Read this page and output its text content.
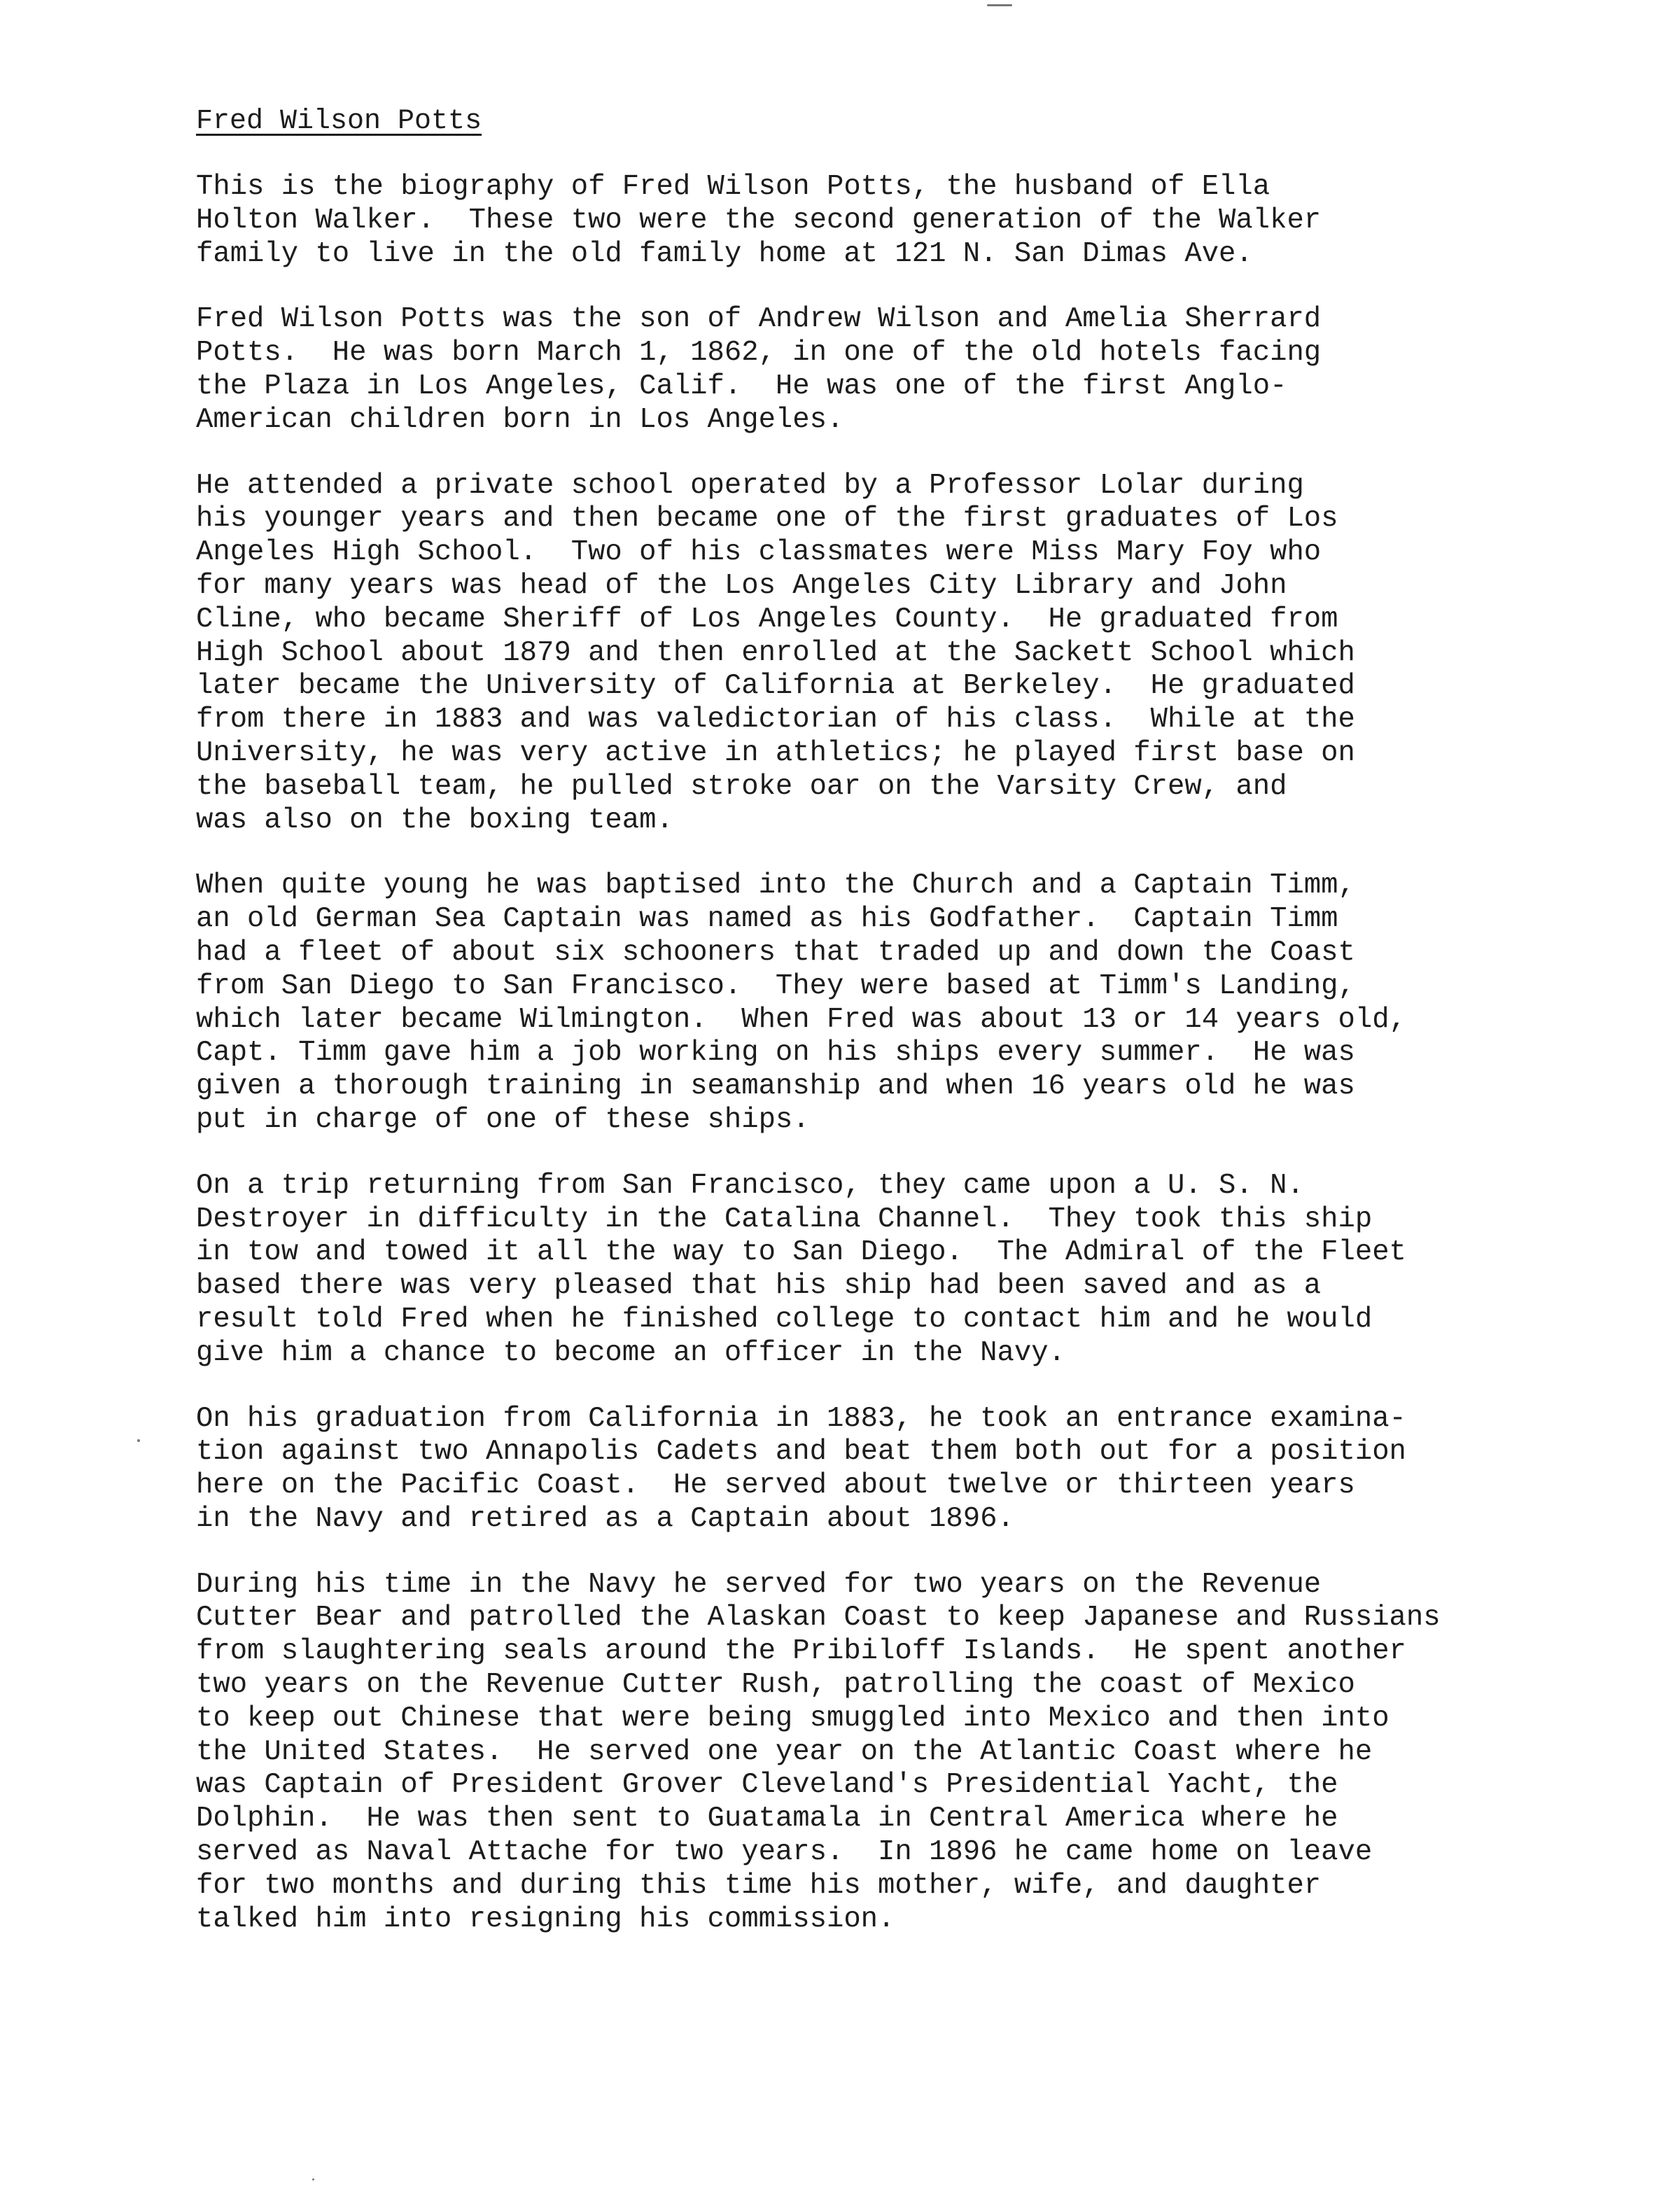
Fred Wilson Potts
This is the biography of Fred Wilson Potts, the husband of Ella
Holton Walker.  These two were the second generation of the Walker
family to live in the old family home at 121 N. San Dimas Ave.
Fred Wilson Potts was the son of Andrew Wilson and Amelia Sherrard
Potts.  He was born March 1, 1862, in one of the old hotels facing
the Plaza in Los Angeles, Calif.  He was one of the first Anglo-
American children born in Los Angeles.
He attended a private school operated by a Professor Lolar during
his younger years and then became one of the first graduates of Los
Angeles High School.  Two of his classmates were Miss Mary Foy who
for many years was head of the Los Angeles City Library and John
Cline, who became Sheriff of Los Angeles County.  He graduated from
High School about 1879 and then enrolled at the Sackett School which
later became the University of California at Berkeley.  He graduated
from there in 1883 and was valedictorian of his class.  While at the
University, he was very active in athletics; he played first base on
the baseball team, he pulled stroke oar on the Varsity Crew, and
was also on the boxing team.
When quite young he was baptised into the Church and a Captain Timm,
an old German Sea Captain was named as his Godfather.  Captain Timm
had a fleet of about six schooners that traded up and down the Coast
from San Diego to San Francisco.  They were based at Timm's Landing,
which later became Wilmington.  When Fred was about 13 or 14 years old,
Capt. Timm gave him a job working on his ships every summer.  He was
given a thorough training in seamanship and when 16 years old he was
put in charge of one of these ships.
On a trip returning from San Francisco, they came upon a U. S. N.
Destroyer in difficulty in the Catalina Channel.  They took this ship
in tow and towed it all the way to San Diego.  The Admiral of the Fleet
based there was very pleased that his ship had been saved and as a
result told Fred when he finished college to contact him and he would
give him a chance to become an officer in the Navy.
On his graduation from California in 1883, he took an entrance examina-
tion against two Annapolis Cadets and beat them both out for a position
here on the Pacific Coast.  He served about twelve or thirteen years
in the Navy and retired as a Captain about 1896.
During his time in the Navy he served for two years on the Revenue
Cutter Bear and patrolled the Alaskan Coast to keep Japanese and Russians
from slaughtering seals around the Pribiloff Islands.  He spent another
two years on the Revenue Cutter Rush, patrolling the coast of Mexico
to keep out Chinese that were being smuggled into Mexico and then into
the United States.  He served one year on the Atlantic Coast where he
was Captain of President Grover Cleveland's Presidential Yacht, the
Dolphin.  He was then sent to Guatamala in Central America where he
served as Naval Attache for two years.  In 1896 he came home on leave
for two months and during this time his mother, wife, and daughter
talked him into resigning his commission.
